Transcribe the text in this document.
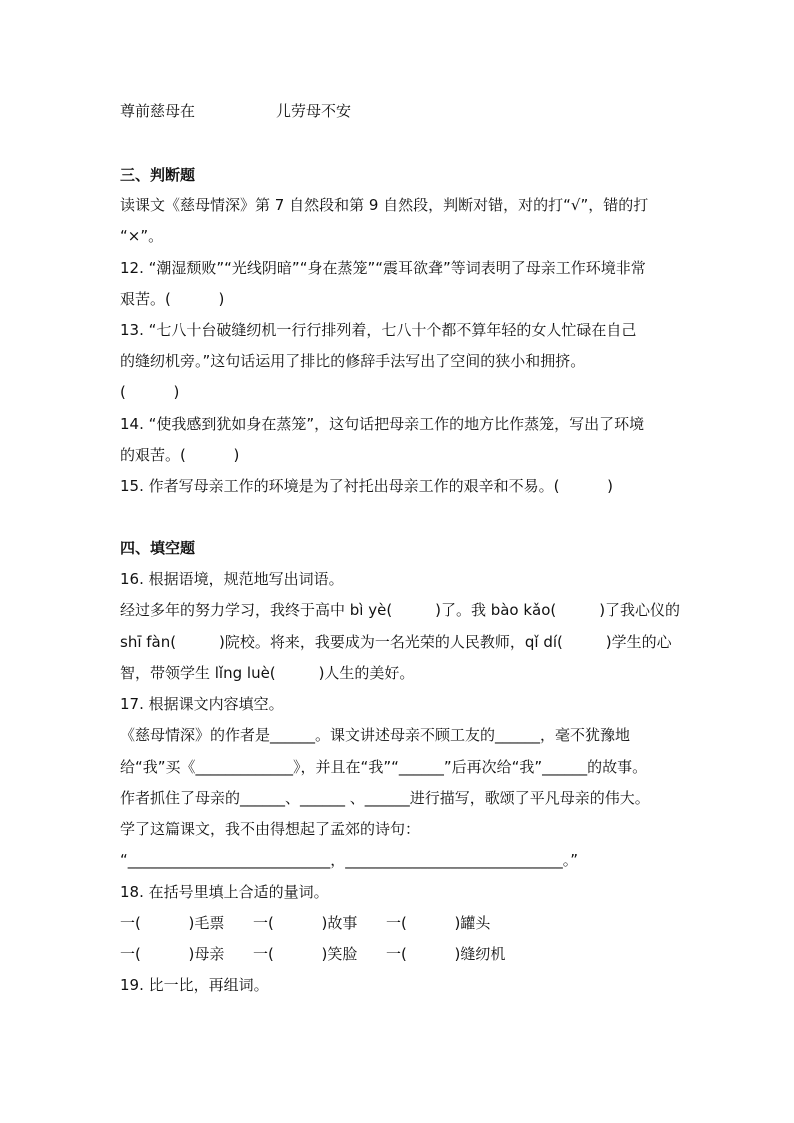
尊前慈母在                 儿劳母不安
三、判断题
读课文《慈母情深》第 7 自然段和第 9 自然段，判断对错，对的打“√”，错的打
“×”。
12. “潮湿颓败”“光线阴暗”“身在蒸笼”“震耳欲聋”等词表明了母亲工作环境非常
艰苦。(          )
13. “七八十台破缝纫机一行行排列着，七八十个都不算年轻的女人忙碌在自己
的缝纫机旁。”这句话运用了排比的修辞手法写出了空间的狭小和拥挤。
(          )
14. “使我感到犹如身在蒸笼”，这句话把母亲工作的地方比作蒸笼，写出了环境
的艰苦。(          )
15. 作者写母亲工作的环境是为了衬托出母亲工作的艰辛和不易。(          )
四、填空题
16. 根据语境，规范地写出词语。
经过多年的努力学习，我终于高中 bì yè(         )了。我 bào kǎo(         )了我心仪的
shī fàn(         )院校。将来，我要成为一名光荣的人民教师，qǐ dí(         )学生的心
智，带领学生 lǐng luè(         )人生的美好。
17. 根据课文内容填空。
《慈母情深》的作者是______。课文讲述母亲不顾工友的______，毫不犹豫地
给“我”买《_____________》，并且在“我”“______”后再次给“我”______的故事。
作者抓住了母亲的______、______ 、______进行描写，歌颂了平凡母亲的伟大。
学了这篇课文，我不由得想起了孟郊的诗句：
“___________________________，_____________________________。”
18. 在括号里填上合适的量词。
一(          )毛票      一(          )故事      一(          )罐头
一(          )母亲      一(          )笑脸      一(          )缝纫机
19. 比一比，再组词。
